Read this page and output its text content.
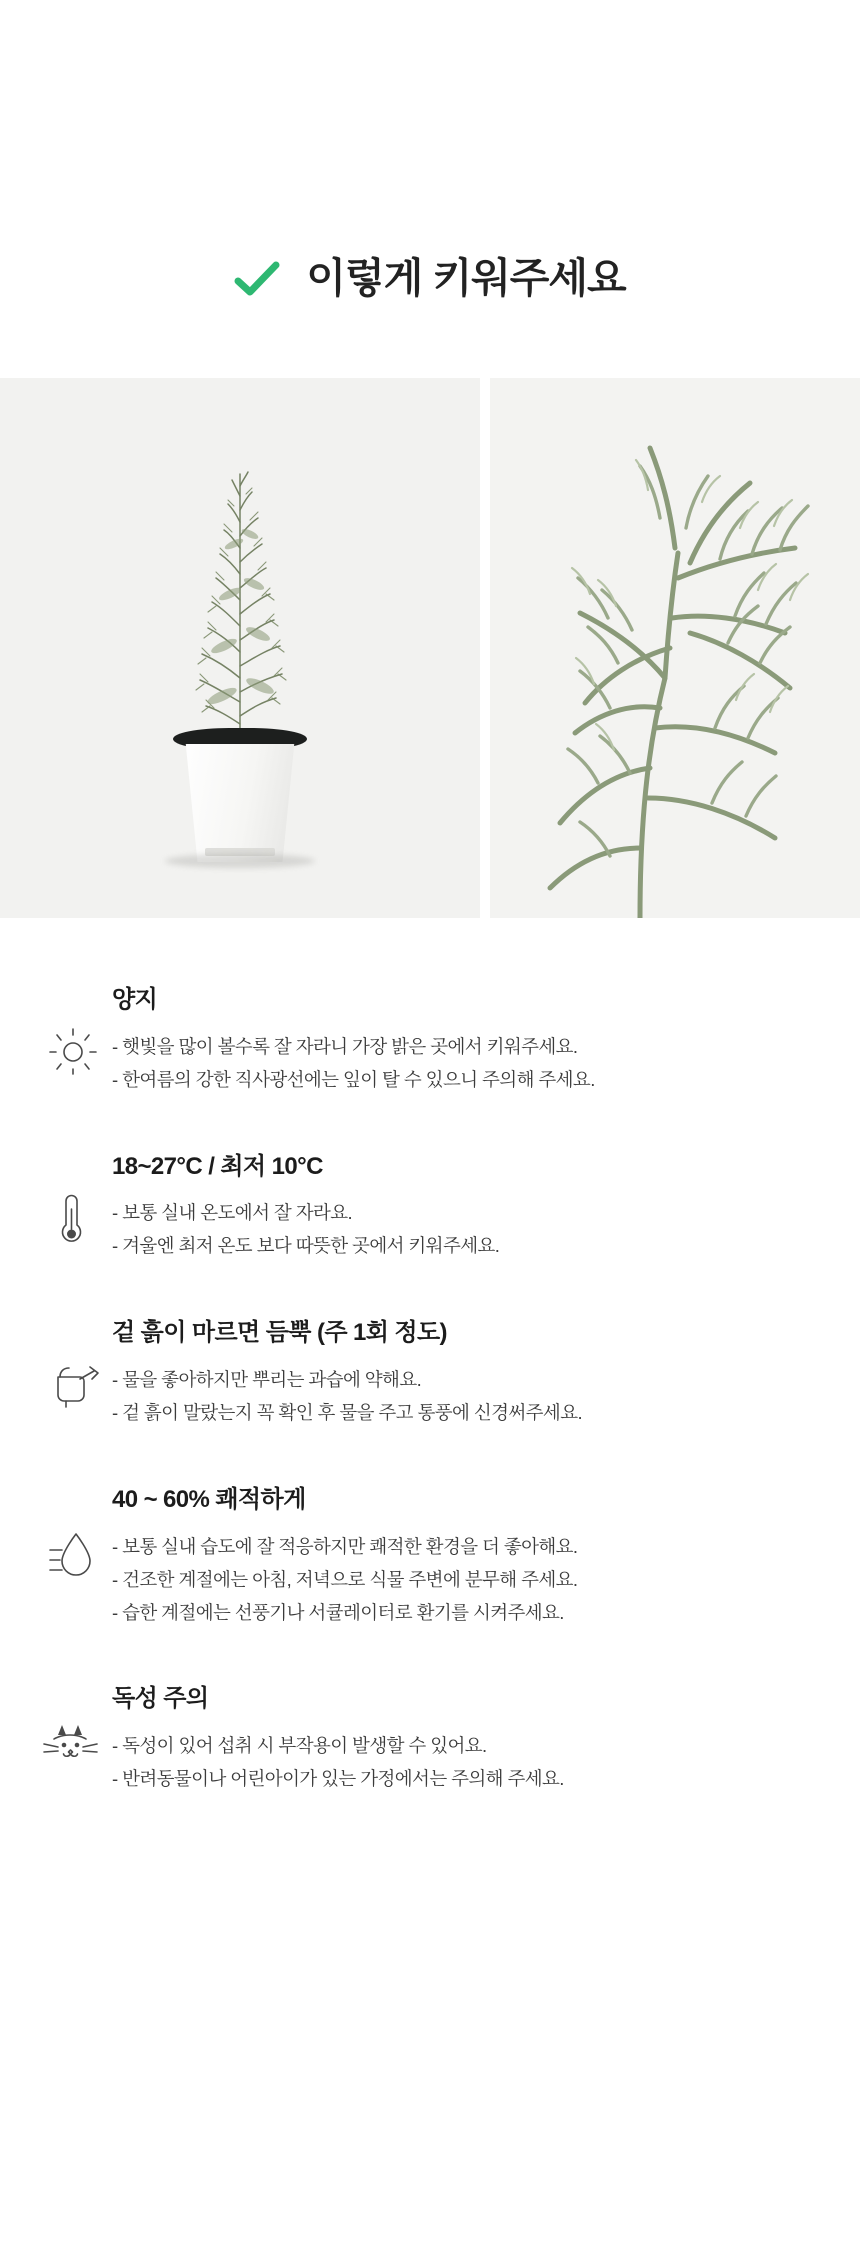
이렇게 키워주세요
양지
- 햇빛을 많이 볼수록 잘 자라니 가장 밝은 곳에서 키워주세요.
- 한여름의 강한 직사광선에는 잎이 탈 수 있으니 주의해 주세요.
18~27°C / 최저 10°C
- 보통 실내 온도에서 잘 자라요.
- 겨울엔 최저 온도 보다 따뜻한 곳에서 키워주세요.
겉 흙이 마르면 듬뿍 (주 1회 정도)
- 물을 좋아하지만 뿌리는 과습에 약해요.
- 겉 흙이 말랐는지 꼭 확인 후 물을 주고 통풍에 신경써주세요.
40 ~ 60% 쾌적하게
- 보통 실내 습도에 잘 적응하지만 쾌적한 환경을 더 좋아해요.
- 건조한 계절에는 아침, 저녁으로 식물 주변에 분무해 주세요.
- 습한 계절에는 선풍기나 서큘레이터로 환기를 시켜주세요.
독성 주의
- 독성이 있어 섭취 시 부작용이 발생할 수 있어요.
- 반려동물이나 어린아이가 있는 가정에서는 주의해 주세요.
